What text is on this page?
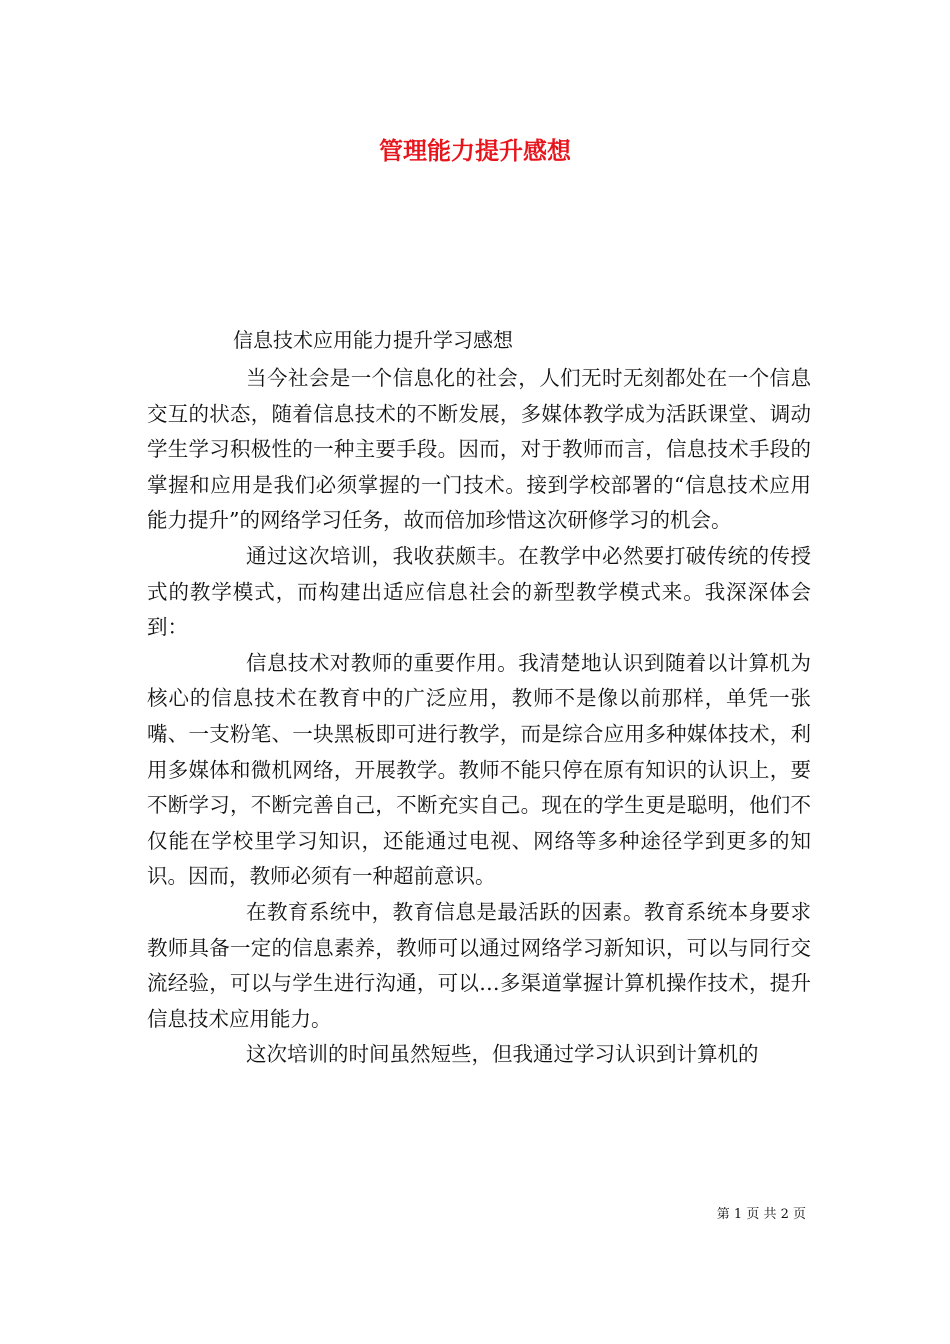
管理能力提升感想
信息技术应用能力提升学习感想

当今社会是一个信息化的社会，人们无时无刻都处在一个信息交互的状态，随着信息技术的不断发展，多媒体教学成为活跃课堂、调动学生学习积极性的一种主要手段。因而，对于教师而言，信息技术手段的掌握和应用是我们必须掌握的一门技术。接到学校部署的“信息技术应用能力提升”的网络学习任务，故而倍加珍惜这次研修学习的机会。

通过这次培训，我收获颇丰。在教学中必然要打破传统的传授式的教学模式，而构建出适应信息社会的新型教学模式来。我深深体会到：

信息技术对教师的重要作用。我清楚地认识到随着以计算机为核心的信息技术在教育中的广泛应用，教师不是像以前那样，单凭一张嘴、一支粉笔、一块黑板即可进行教学，而是综合应用多种媒体技术，利用多媒体和微机网络，开展教学。教师不能只停在原有知识的认识上，要不断学习，不断完善自己，不断充实自己。现在的学生更是聪明，他们不仅能在学校里学习知识，还能通过电视、网络等多种途径学到更多的知识。因而，教师必须有一种超前意识。

在教育系统中，教育信息是最活跃的因素。教育系统本身要求教师具备一定的信息素养，教师可以通过网络学习新知识，可以与同行交流经验，可以与学生进行沟通，可以…多渠道掌握计算机操作技术，提升信息技术应用能力。

这次培训的时间虽然短些，但我通过学习认识到计算机的

第 1 页 共 2 页
